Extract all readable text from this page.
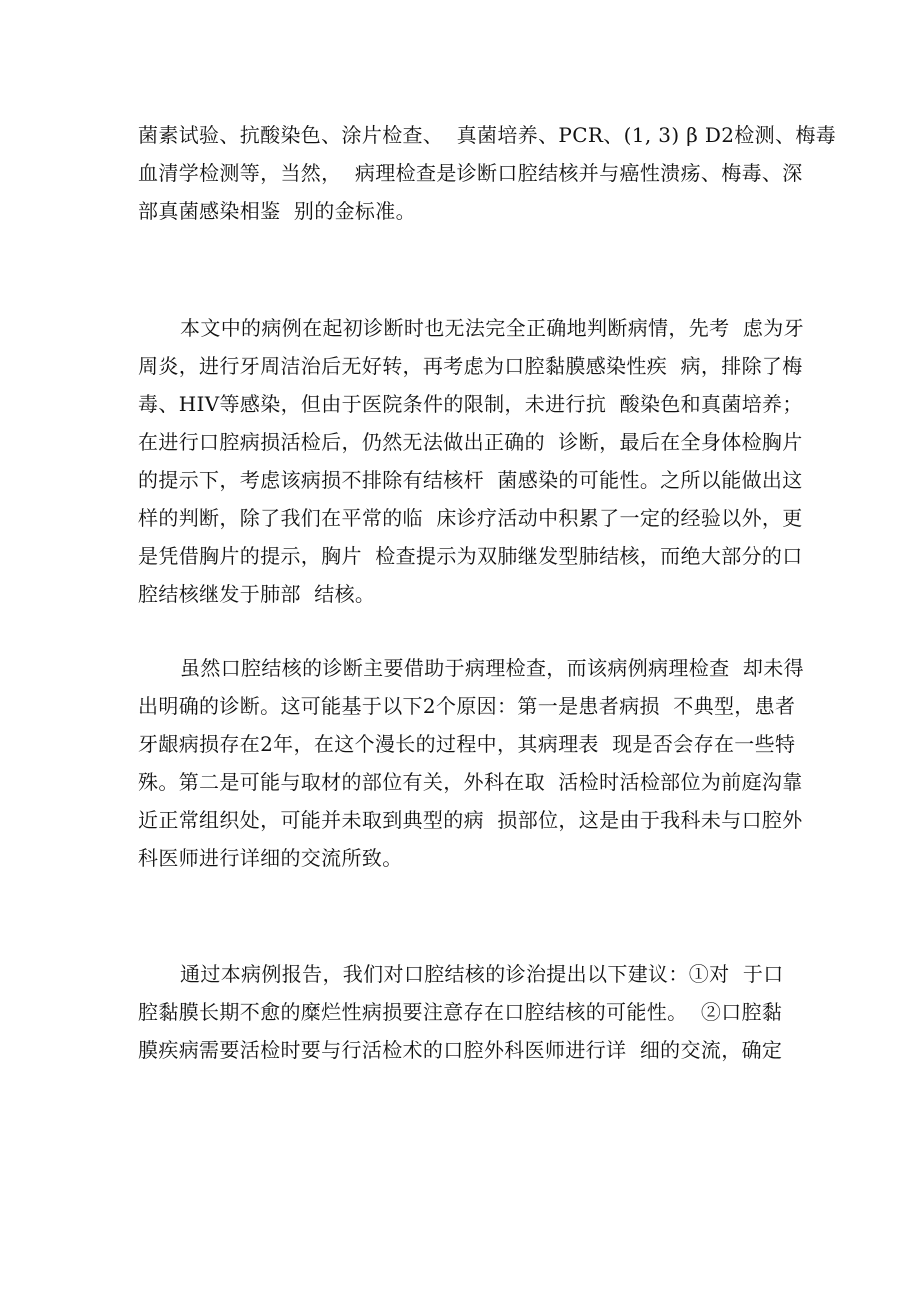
菌素试验、抗酸染色、涂片检查、  真菌培养、PCR、(1, 3) β D2检测、梅毒
血清学检测等，当然，  病理检查是诊断口腔结核并与癌性溃疡、梅毒、深
部真菌感染相鉴  别的金标准。
本文中的病例在起初诊断时也无法完全正确地判断病情，先考  虑为牙
周炎，进行牙周洁治后无好转，再考虑为口腔黏膜感染性疾  病，排除了梅
毒、HIV等感染，但由于医院条件的限制，未进行抗  酸染色和真菌培养；
在进行口腔病损活检后，仍然无法做出正确的  诊断，最后在全身体检胸片
的提示下，考虑该病损不排除有结核杆  菌感染的可能性。之所以能做出这
样的判断，除了我们在平常的临  床诊疗活动中积累了一定的经验以外，更
是凭借胸片的提示，胸片  检查提示为双肺继发型肺结核，而绝大部分的口
腔结核继发于肺部  结核。
虽然口腔结核的诊断主要借助于病理检查，而该病例病理检查  却未得
出明确的诊断。这可能基于以下2个原因：第一是患者病损  不典型，患者
牙龈病损存在2年，在这个漫长的过程中，其病理表  现是否会存在一些特
殊。第二是可能与取材的部位有关，外科在取  活检时活检部位为前庭沟靠
近正常组织处，可能并未取到典型的病  损部位，这是由于我科未与口腔外
科医师进行详细的交流所致。
通过本病例报告，我们对口腔结核的诊治提出以下建议：①对  于口
腔黏膜长期不愈的糜烂性病损要注意存在口腔结核的可能性。  ②口腔黏
膜疾病需要活检时要与行活检术的口腔外科医师进行详  细的交流，确定
